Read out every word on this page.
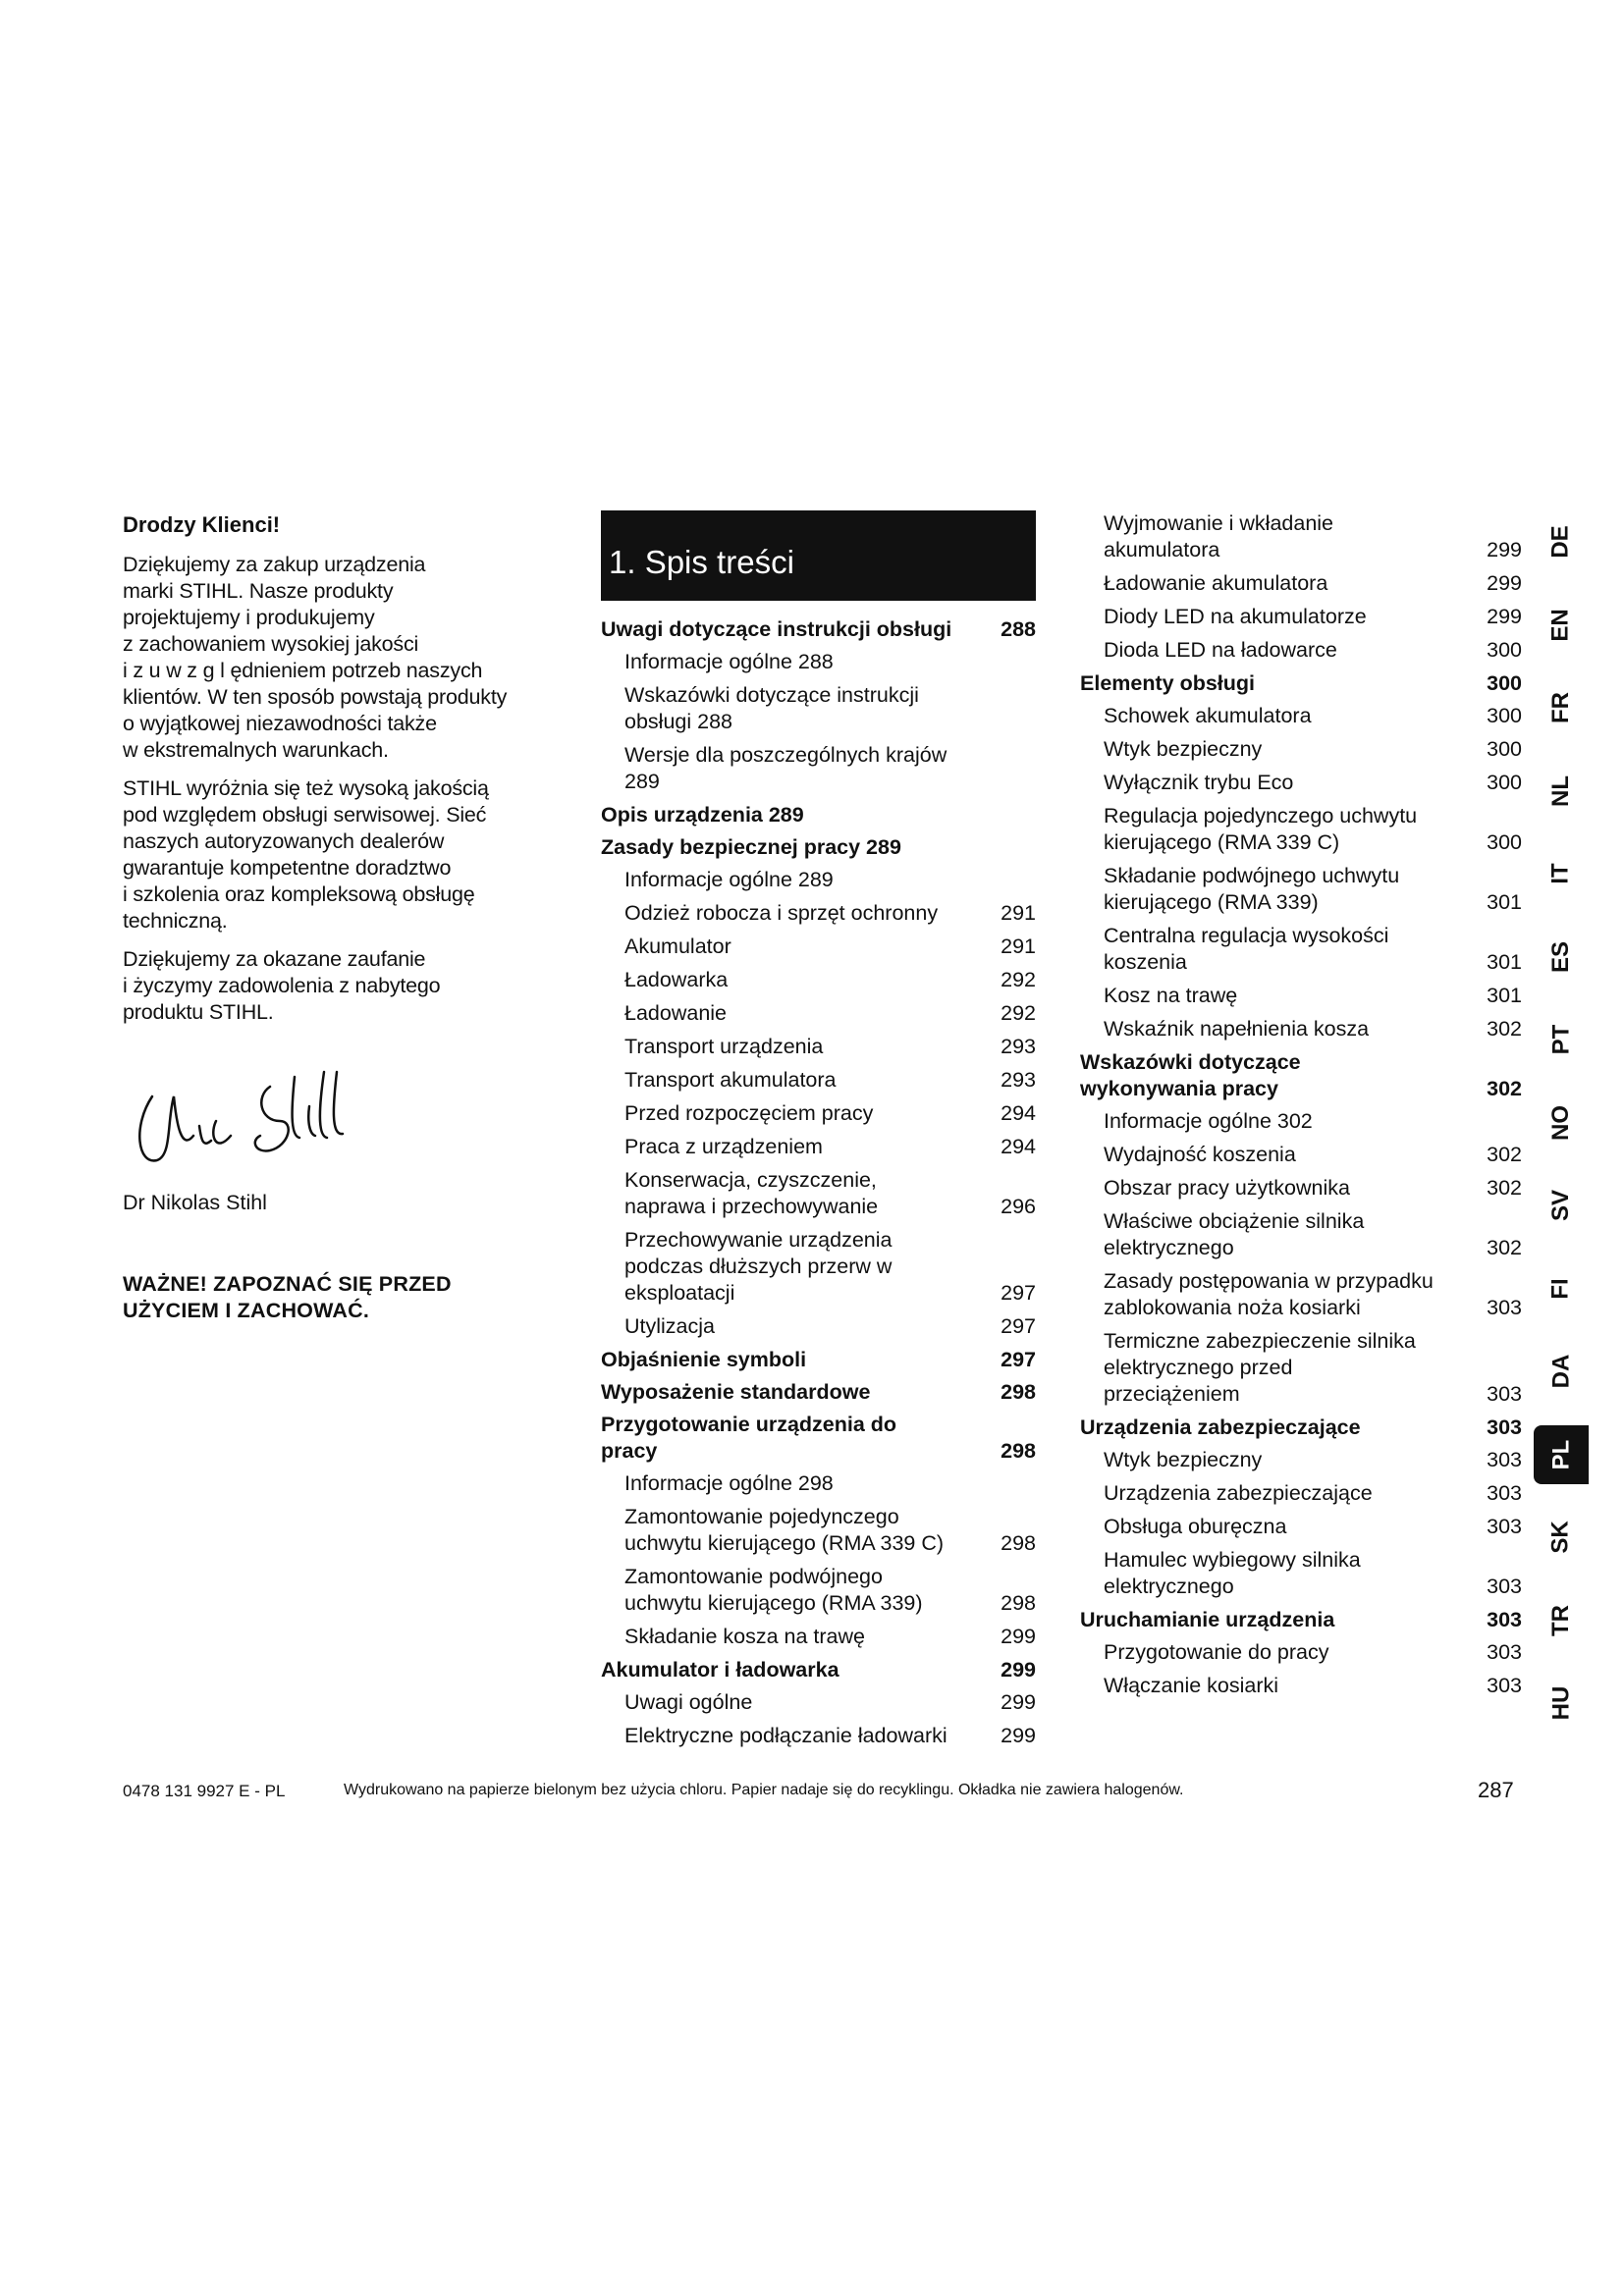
Drodzy Klienci!

Dziękujemy za zakup urządzenia
marki STIHL. Nasze produkty
projektujemy i produkujemy
z zachowaniem wysokiej jakości
i z u w z g l ędnieniem potrzeb naszych
klientów. W ten sposób powstają produkty
o wyjątkowej niezawodności także
w ekstremalnych warunkach.

STIHL wyróżnia się też wysoką jakością
pod względem obsługi serwisowej. Sieć
naszych autoryzowanych dealerów
gwarantuje kompetentne doradztwo
i szkolenia oraz kompleksową obsługę
techniczną.

Dziękujemy za okazane zaufanie
i życzymy zadowolenia z nabytego
produktu STIHL.

Dr Nikolas Stihl
WAŻNE! ZAPOZNAĆ SIĘ PRZED
UŻYCIEM I ZACHOWAĆ.
1. Spis treści
Uwagi dotyczące instrukcji obsługi	288
Informacje ogólne 288
Wskazówki dotyczące instrukcji
obsługi 288
Wersje dla poszczególnych krajów 289
Opis urządzenia 289
Zasady bezpiecznej pracy 289
Informacje ogólne 289
Odzież robocza i sprzęt ochronny	291
Akumulator	291
Ładowarka	292
Ładowanie	292
Transport urządzenia	293
Transport akumulatora	293
Przed rozpoczęciem pracy	294
Praca z urządzeniem	294
Konserwacja, czyszczenie,
naprawa i przechowywanie	296
Przechowywanie urządzenia
podczas dłuższych przerw w
eksploatacji	297
Utylizacja	297
Objaśnienie symboli	297
Wyposażenie standardowe	298
Przygotowanie urządzenia do
pracy	298
Informacje ogólne 298
Zamontowanie pojedynczego
uchwytu kierującego (RMA 339 C)	298
Zamontowanie podwójnego
uchwytu kierującego (RMA 339)	298
Składanie kosza na trawę	299
Akumulator i ładowarka	299
Uwagi ogólne	299
Elektryczne podłączanie ładowarki	299
Wyjmowanie i wkładanie
akumulatora	299
Ładowanie akumulatora	299
Diody LED na akumulatorze	299
Dioda LED na ładowarce	300
Elementy obsługi	300
Schowek akumulatora	300
Wtyk bezpieczny	300
Wyłącznik trybu Eco	300
Regulacja pojedynczego uchwytu
kierującego (RMA 339 C)	300
Składanie podwójnego uchwytu
kierującego (RMA 339)	301
Centralna regulacja wysokości
koszenia	301
Kosz na trawę	301
Wskaźnik napełnienia kosza	302
Wskazówki dotyczące
wykonywania pracy	302
Informacje ogólne 302
Wydajność koszenia	302
Obszar pracy użytkownika	302
Właściwe obciążenie silnika
elektrycznego	302
Zasady postępowania w przypadku
zablokowania noża kosiarki	303
Termiczne zabezpieczenie silnika
elektrycznego przed
przeciążeniem	303
Urządzenia zabezpieczające	303
Wtyk bezpieczny	303
Urządzenia zabezpieczające	303
Obsługa oburęczna	303
Hamulec wybiegowy silnika
elektrycznego	303
Uruchamianie urządzenia	303
Przygotowanie do pracy	303
Włączanie kosiarki	303
DE
EN
FR
NL
IT
ES
PT
NO
SV
FI
DA
PL
SK
TR
HU
0478 131 9927 E - PL	Wydrukowano na papierze bielonym bez użycia chloru. Papier nadaje się do recyklingu. Okładka nie zawiera halogenów.	287
